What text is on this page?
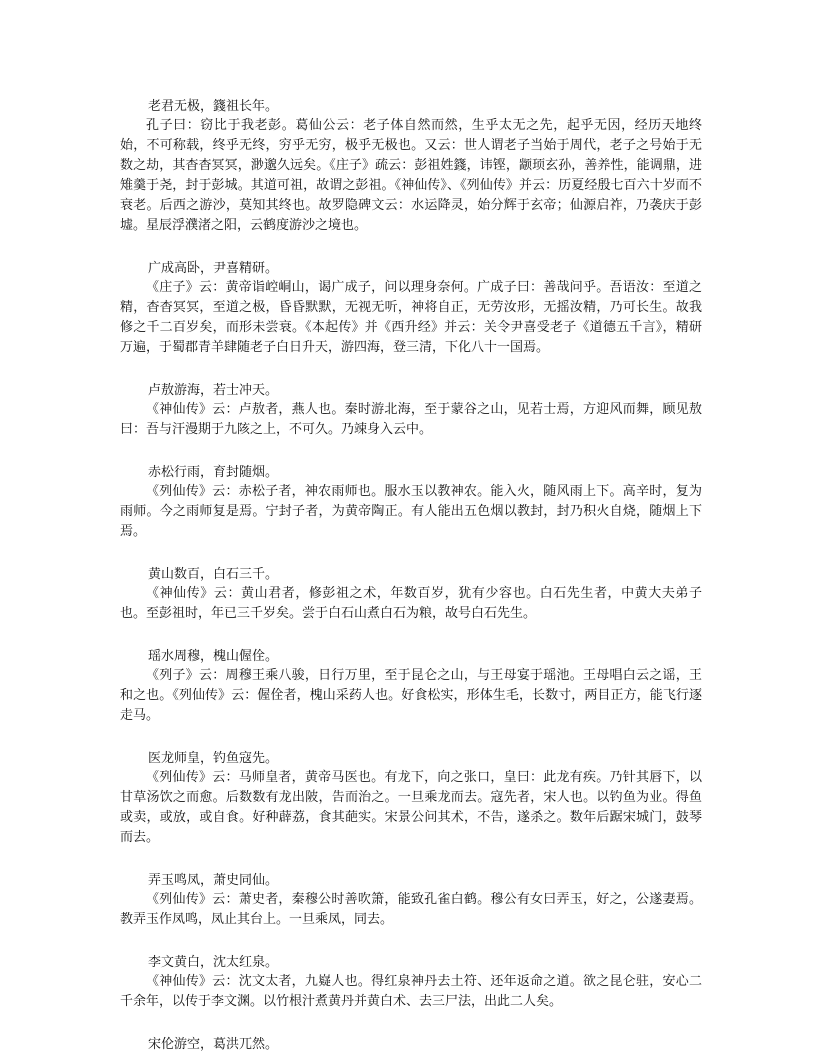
老君无极，籛祖长年。

孔子曰：窃比于我老彭。葛仙公云：老子体自然而然，生乎太无之先，起乎无因，经历天地终始，不可称载，终乎无终，穷乎无穷，极乎无极也。又云：世人谓老子当始于周代，老子之号始于无数之劫，其杳杳冥冥，渺邈久远矣。《庄子》疏云：彭祖姓籛，讳铿，颛顼玄孙，善养性，能调鼎，进雉羹于尧，封于彭城。其道可祖，故谓之彭祖。《神仙传》、《列仙传》并云：历夏经殷七百六十岁而不衰老。后西之游沙，莫知其终也。故罗隐碑文云：水运降灵，始分辉于玄帝；仙源启祚，乃袭庆于彭墟。星辰浮濮渚之阳，云鹤度游沙之境也。

广成高卧，尹喜精研。

《庄子》云：黄帝诣崆峒山，谒广成子，问以理身奈何。广成子曰：善哉问乎。吾语汝：至道之精，杳杳冥冥，至道之极，昏昏默默，无视无听，神将自正，无劳汝形，无摇汝精，乃可长生。故我修之千二百岁矣，而形未尝衰。《本起传》并《西升经》并云：关令尹喜受老子《道德五千言》，精研万遍，于蜀郡青羊肆随老子白日升天，游四海，登三清，下化八十一国焉。

卢敖游海，若士冲天。

《神仙传》云：卢敖者，燕人也。秦时游北海，至于蒙谷之山，见若士焉，方迎风而舞，顾见敖曰：吾与汗漫期于九陔之上，不可久。乃竦身入云中。

赤松行雨，育封随烟。

《列仙传》云：赤松子者，神农雨师也。服水玉以教神农。能入火，随风雨上下。高辛时，复为雨师。今之雨师复是焉。宁封子者，为黄帝陶正。有人能出五色烟以教封，封乃积火自烧，随烟上下焉。

黄山数百，白石三千。

《神仙传》云：黄山君者，修彭祖之术，年数百岁，犹有少容也。白石先生者，中黄大夫弟子也。至彭祖时，年已三千岁矣。尝于白石山煮白石为粮，故号白石先生。

瑶水周穆，槐山偓佺。

《列子》云：周穆王乘八骏，日行万里，至于昆仑之山，与王母宴于瑶池。王母唱白云之谣，王和之也。《列仙传》云：偓佺者，槐山采药人也。好食松实，形体生毛，长数寸，两目正方，能飞行逐走马。

医龙师皇，钓鱼寇先。

《列仙传》云：马师皇者，黄帝马医也。有龙下，向之张口，皇曰：此龙有疾。乃针其唇下，以甘草汤饮之而愈。后数数有龙出陂，告而治之。一旦乘龙而去。寇先者，宋人也。以钓鱼为业。得鱼或卖，或放，或自食。好种薜荔，食其葩实。宋景公问其术，不告，遂杀之。数年后踞宋城门，鼓琴而去。

弄玉鸣凤，萧史同仙。

《列仙传》云：萧史者，秦穆公时善吹箫，能致孔雀白鹤。穆公有女曰弄玉，好之，公遂妻焉。教弄玉作凤鸣，凤止其台上。一旦乘凤，同去。

李文黄白，沈太红泉。

《神仙传》云：沈文太者，九嶷人也。得红泉神丹去土符、还年返命之道。欲之昆仑驻，安心二千余年，以传于李文渊。以竹根汁煮黄丹并黄白术、去三尸法，出此二人矣。

宋伦游空，葛洪兀然。
